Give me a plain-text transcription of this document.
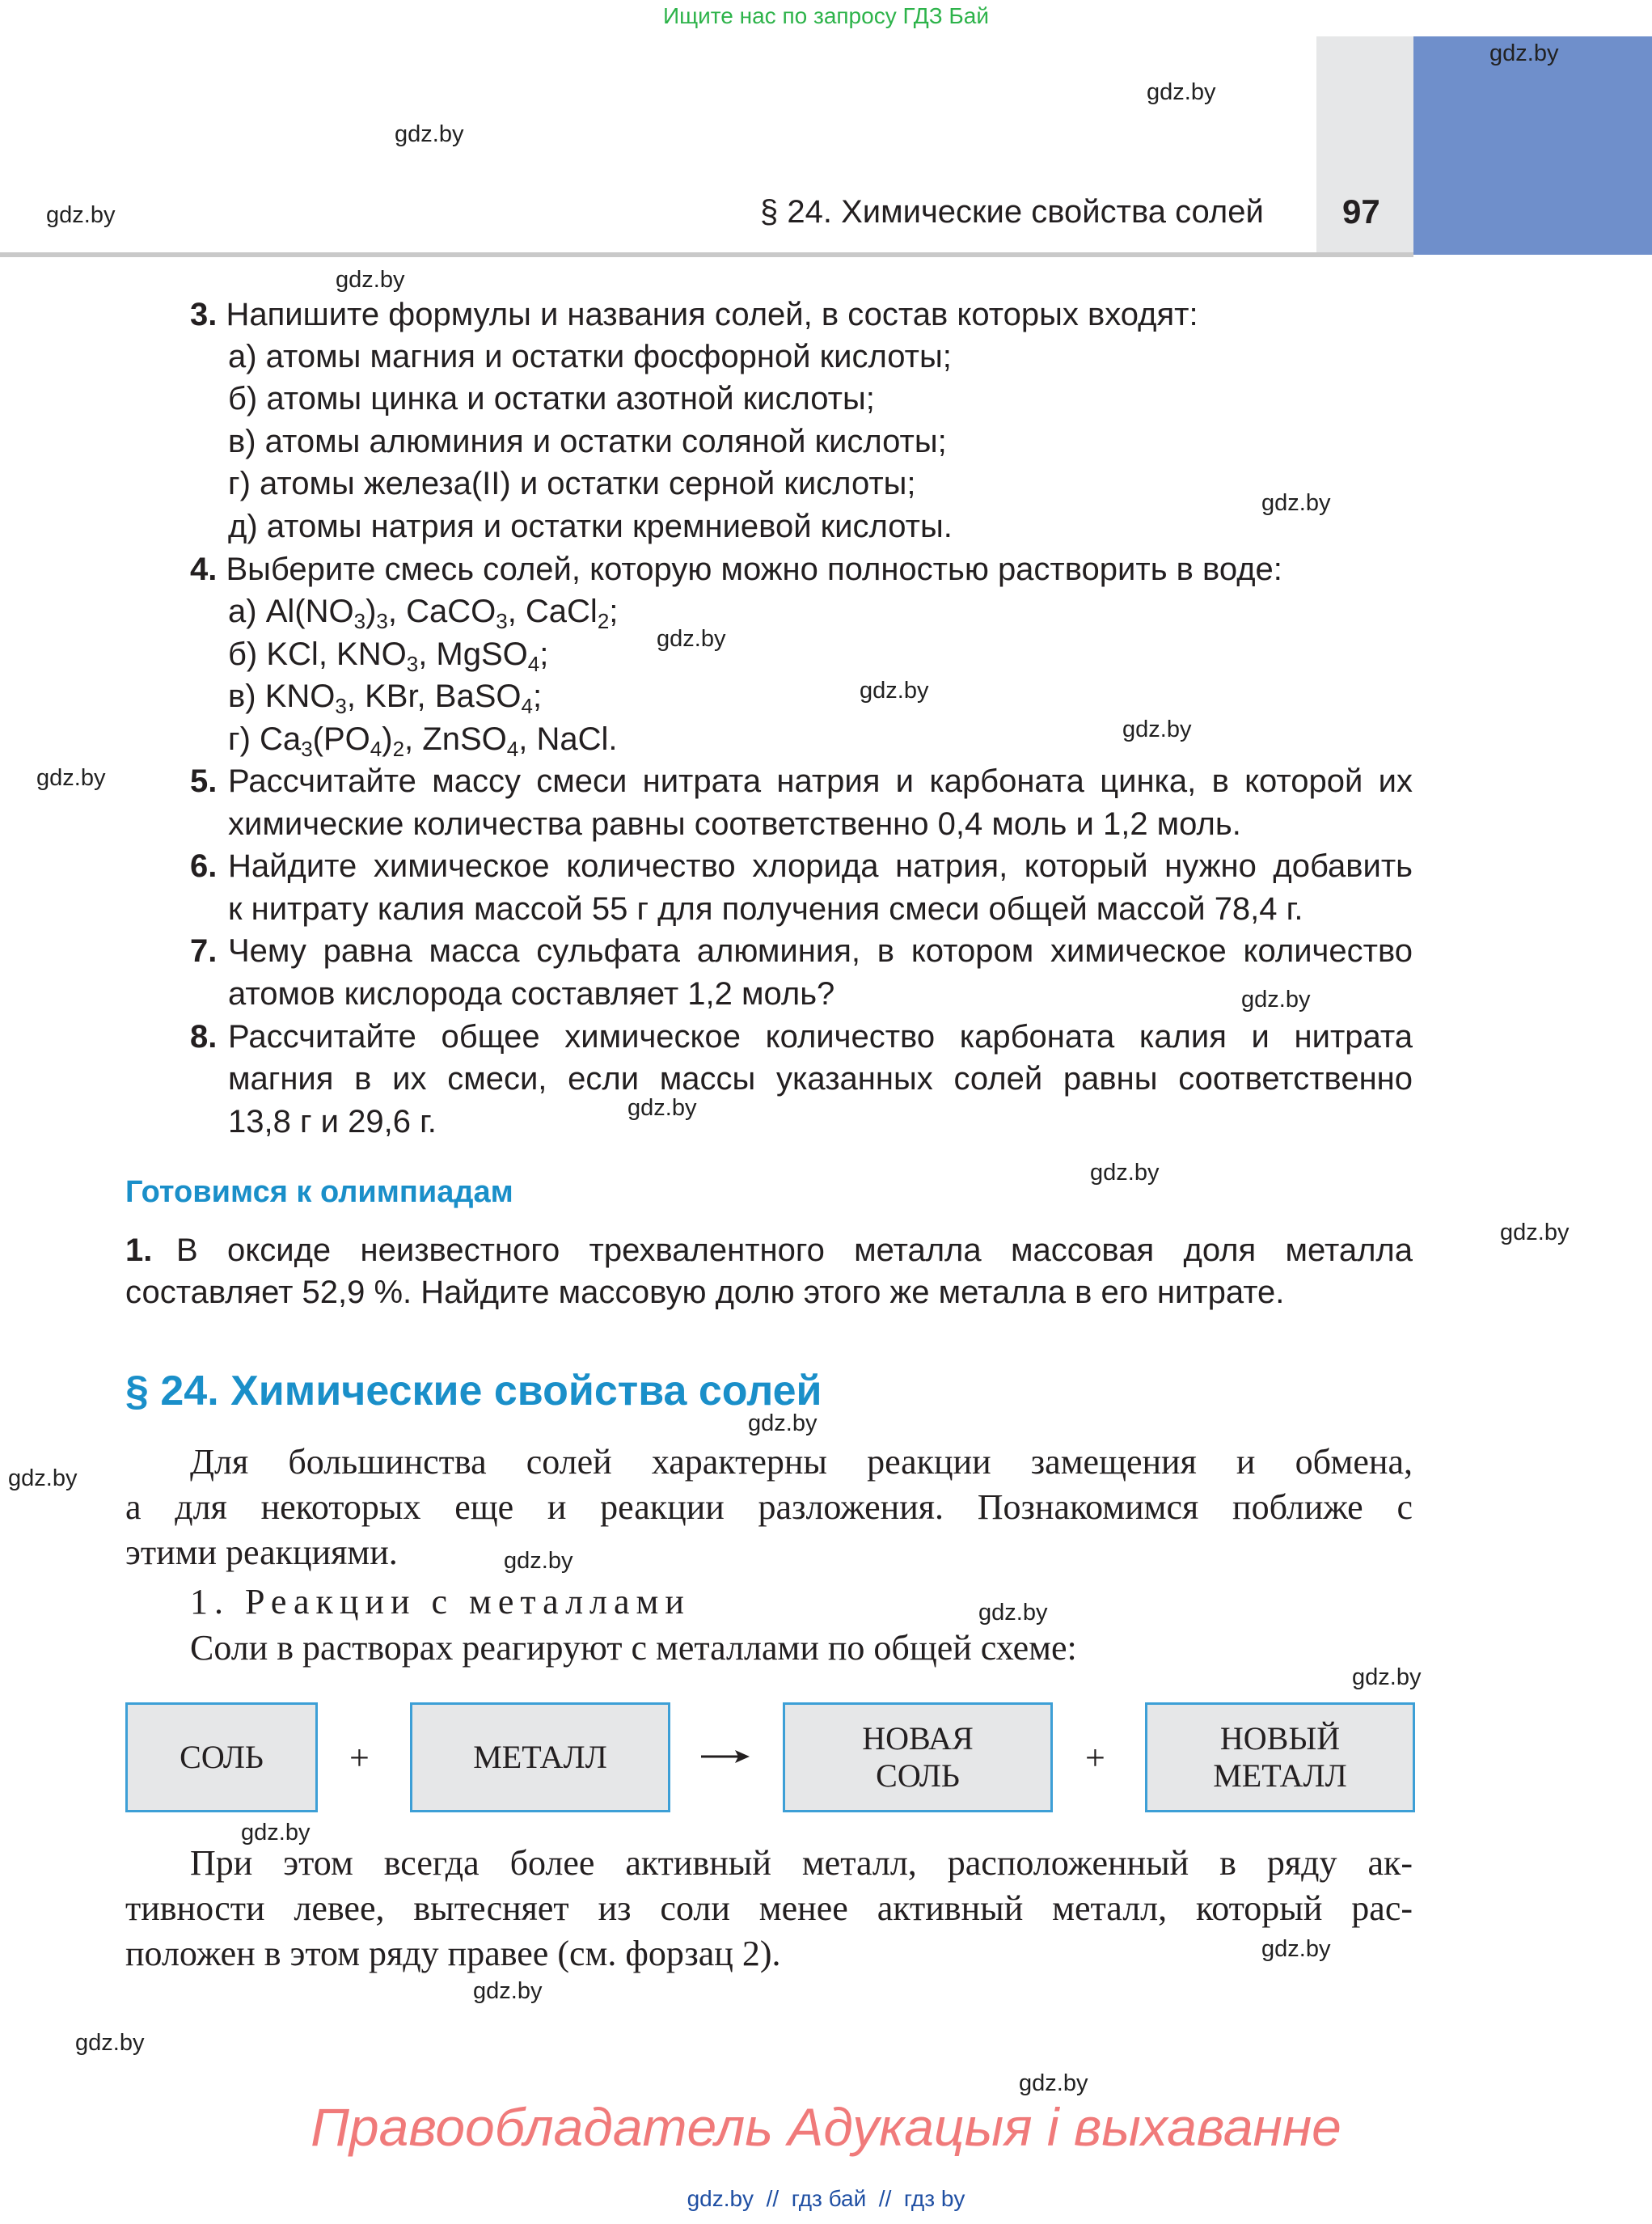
Ищите нас по запросу ГДЗ Бай
§ 24. Химические свойства солей 97
gdz.by
gdz.by
gdz.by
gdz.by
gdz.by
gdz.by
gdz.by
gdz.by
gdz.by
gdz.by
gdz.by
gdz.by
gdz.by
gdz.by
gdz.by
gdz.by
gdz.by
gdz.by
gdz.by
gdz.by
gdz.by
gdz.by
gdz.by
gdz.by
3. Напишите формулы и названия солей, в состав которых входят:
а) атомы магния и остатки фосфорной кислоты;
б) атомы цинка и остатки азотной кислоты;
в) атомы алюминия и остатки соляной кислоты;
г) атомы железа(II) и остатки серной кислоты;
д) атомы натрия и остатки кремниевой кислоты.
4. Выберите смесь солей, которую можно полностью растворить в воде:
а) $Al(NO_3)_3$, CaCO$_3$, CaCl$_2$;
б) KCl, $KNO_3$, MgSO$_4$;
в) $KNO_3$, KBr, BaSO$_4$;
г) $Ca_3(PO_4)_2$, ZnSO$_4$, NaCl.
5. Рассчитайте массу смеси нитрата натрия и карбоната цинка, в которой их
химические количества равны соответственно 0,4 моль и 1,2 моль.
6. Найдите химическое количество хлорида натрия, который нужно добавить
к нитрату калия массой 55 г для получения смеси общей массой 78,4 г.
7. Чему равна масса сульфата алюминия, в котором химическое количество
атомов кислорода составляет 1,2 моль?
8. Рассчитайте общее химическое количество карбоната калия и нитрата
магния в их смеси, если массы указанных солей равны соответственно
13,8 г и 29,6 г.
Готовимся к олимпиадам
1. В оксиде неизвестного трехвалентного металла массовая доля металла
составляет 52,9 %. Найдите массовую долю этого же металла в его нитрате.
§ 24. Химические свойства солей
Для большинства солей характерны реакции замещения и обмена,
а для некоторых еще и реакции разложения. Познакомимся поближе с
этими реакциями.
1. Реакции с металлами
Соли в растворах реагируют с металлами по общей схеме:
СОЛЬ +	МЕТАЛЛ
НОВАЯ
СОЛЬ	+	НОВЫЙ
МЕТАЛЛ
При этом всегда более активный металл, расположенный в ряду ак-
тивности левее, вытесняет из соли менее активный металл, который рас-
положен в этом ряду правее (см. форзац 2).
Правообладатель Адукацыя і выхаванне
gdz.by  //  гдз бай  //  гдз by
